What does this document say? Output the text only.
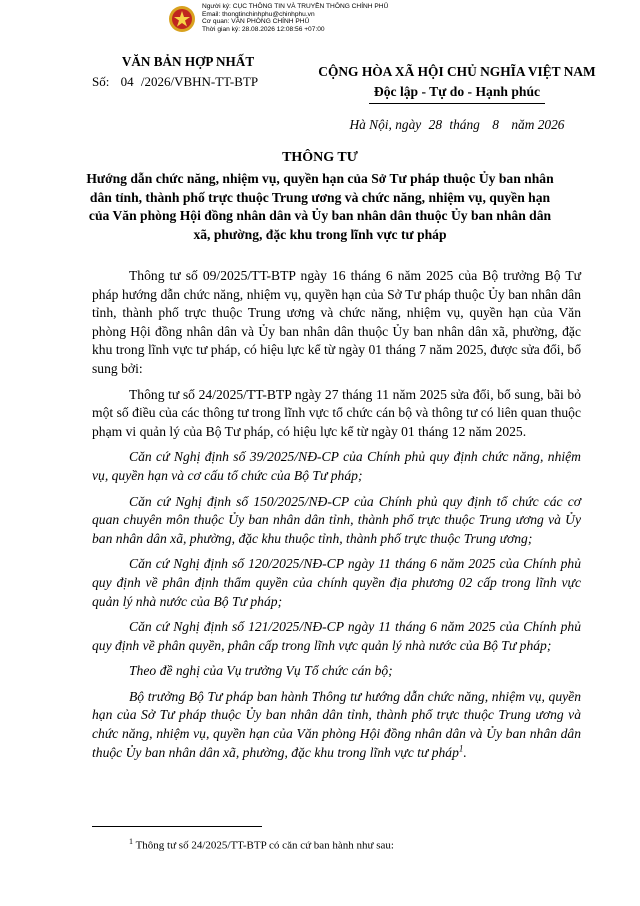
Người ký: CỤC THÔNG TIN VÀ TRUYỀN THÔNG CHÍNH PHỦ
Email: thongtinchinhphu@chinhphu.vn
Cơ quan: VĂN PHÒNG CHÍNH PHỦ
Thời gian ký: 28.08.2026 12:08:56 +07:00
VĂN BẢN HỢP NHẤT
Số: 04 /2026/VBHN-TT-BTP
CỘNG HÒA XÃ HỘI CHỦ NGHĨA VIỆT NAM
Độc lập - Tự do - Hạnh phúc
Hà Nội, ngày 28 tháng 8 năm 2026
THÔNG TƯ
Hướng dẫn chức năng, nhiệm vụ, quyền hạn của Sở Tư pháp thuộc Ủy ban nhân dân tỉnh, thành phố trực thuộc Trung ương và chức năng, nhiệm vụ, quyền hạn của Văn phòng Hội đồng nhân dân và Ủy ban nhân dân thuộc Ủy ban nhân dân xã, phường, đặc khu trong lĩnh vực tư pháp

Thông tư số 09/2025/TT-BTP ngày 16 tháng 6 năm 2025 của Bộ trưởng Bộ Tư pháp hướng dẫn chức năng, nhiệm vụ, quyền hạn của Sở Tư pháp thuộc Ủy ban nhân dân tỉnh, thành phố trực thuộc Trung ương và chức năng, nhiệm vụ, quyền hạn của Văn phòng Hội đồng nhân dân và Ủy ban nhân dân thuộc Ủy ban nhân dân xã, phường, đặc khu trong lĩnh vực tư pháp, có hiệu lực kể từ ngày 01 tháng 7 năm 2025, được sửa đổi, bổ sung bởi:

Thông tư số 24/2025/TT-BTP ngày 27 tháng 11 năm 2025 sửa đổi, bổ sung, bãi bỏ một số điều của các thông tư trong lĩnh vực tổ chức cán bộ và thông tư có liên quan thuộc phạm vi quản lý của Bộ Tư pháp, có hiệu lực kể từ ngày 01 tháng 12 năm 2025.

Căn cứ Nghị định số 39/2025/NĐ-CP của Chính phủ quy định chức năng, nhiệm vụ, quyền hạn và cơ cấu tổ chức của Bộ Tư pháp;

Căn cứ Nghị định số 150/2025/NĐ-CP của Chính phủ quy định tổ chức các cơ quan chuyên môn thuộc Ủy ban nhân dân tỉnh, thành phố trực thuộc Trung ương và Ủy ban nhân dân xã, phường, đặc khu thuộc tỉnh, thành phố trực thuộc Trung ương;

Căn cứ Nghị định số 120/2025/NĐ-CP ngày 11 tháng 6 năm 2025 của Chính phủ quy định về phân định thẩm quyền của chính quyền địa phương 02 cấp trong lĩnh vực quản lý nhà nước của Bộ Tư pháp;

Căn cứ Nghị định số 121/2025/NĐ-CP ngày 11 tháng 6 năm 2025 của Chính phủ quy định về phân quyền, phân cấp trong lĩnh vực quản lý nhà nước của Bộ Tư pháp;

Theo đề nghị của Vụ trưởng Vụ Tổ chức cán bộ;

Bộ trưởng Bộ Tư pháp ban hành Thông tư hướng dẫn chức năng, nhiệm vụ, quyền hạn của Sở Tư pháp thuộc Ủy ban nhân dân tỉnh, thành phố trực thuộc Trung ương và chức năng, nhiệm vụ, quyền hạn của Văn phòng Hội đồng nhân dân và Ủy ban nhân dân thuộc Ủy ban nhân dân xã, phường, đặc khu trong lĩnh vực tư pháp$^1$.

$^1$ Thông tư số 24/2025/TT-BTP có căn cứ ban hành như sau:
